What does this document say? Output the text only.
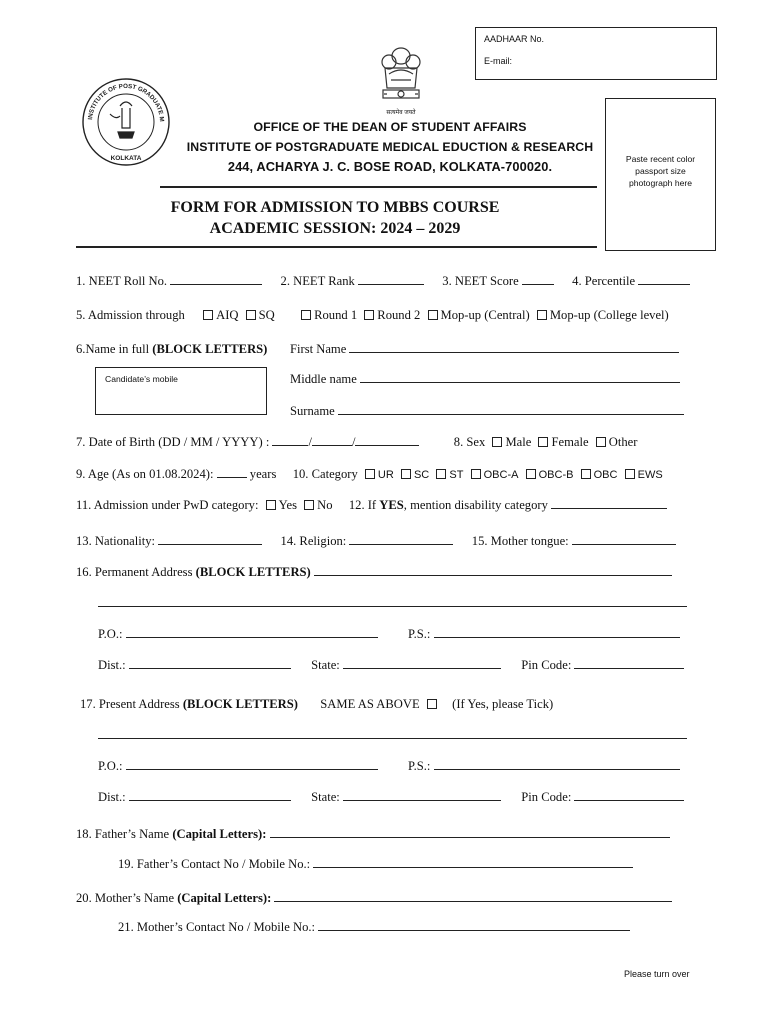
AADHAAR No.
E-mail:
सत्यमेव जयते
INSTITUTE OF POST GRADUATE M
KOLKATA
OFFICE OF THE DEAN OF STUDENT AFFAIRS
INSTITUTE OF POSTGRADUATE MEDICAL EDUCTION & RESEARCH
244, ACHARYA J. C. BOSE ROAD, KOLKATA-700020.	Paste recent color
passport size
photograph here
FORM FOR ADMISSION TO MBBS COURSE
ACADEMIC SESSION: 2024 – 2029
1. NEET Roll No.	2. NEET Rank	3. NEET Score	4. Percentile
5. Admission through AIQ SQ	Round 1 Round 2 Mop-up (Central) Mop-up (College level)
6.Name in full (BLOCK LETTERS) First Name
Candidate’s mobile	Middle name
Surname
7. Date of Birth (DD / MM / YYYY) :	/	/	8. Sex Male Female Other
9. Age (As on 01.08.2024):	years 10. Category UR SC ST OBC-A OBC-B OBC EWS
11. Admission under PwD category: Yes No 12. If YES, mention disability category
13. Nationality:	14. Religion:	15. Mother tongue:
16. Permanent Address (BLOCK LETTERS)
P.O.:	P.S.:
Dist.:	State:	Pin Code:
17. Present Address (BLOCK LETTERS) SAME AS ABOVE	(If Yes, please Tick)
P.O.:	P.S.:
Dist.:	State:	Pin Code:
18. Father’s Name (Capital Letters):
19. Father’s Contact No / Mobile No.:
20. Mother’s Name (Capital Letters):
21. Mother’s Contact No / Mobile No.:
Please turn over
